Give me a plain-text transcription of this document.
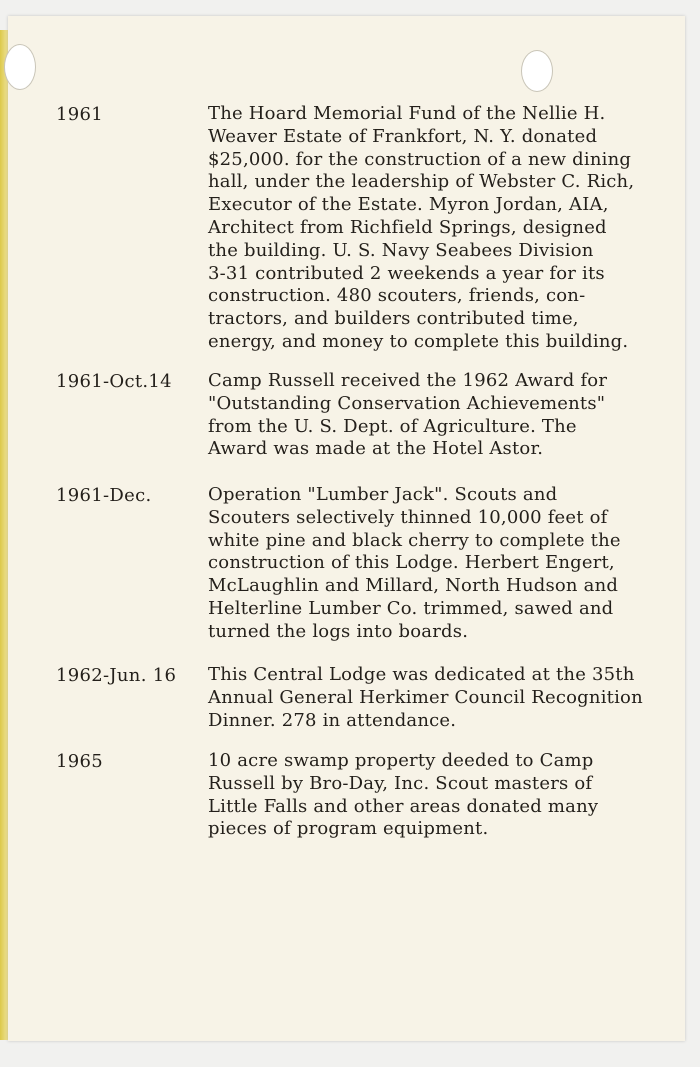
1961	The Hoard Memorial Fund of the Nellie H.
Weaver Estate of Frankfort, N. Y. donated
$25,000. for the construction of a new dining
hall, under the leadership of Webster C. Rich,
Executor of the Estate. Myron Jordan, AIA,
Architect from Richfield Springs, designed
the building. U. S. Navy Seabees Division
3-31 contributed 2 weekends a year for its
construction. 480 scouters, friends, con-
tractors, and builders contributed time,
energy, and money to complete this building.
1961-Oct.14 Camp Russell received the 1962 Award for
"Outstanding Conservation Achievements"
from the U. S. Dept. of Agriculture. The
Award was made at the Hotel Astor.
1961-Dec.	Operation "Lumber Jack". Scouts and
Scouters selectively thinned 10,000 feet of
white pine and black cherry to complete the
construction of this Lodge. Herbert Engert,
McLaughlin and Millard, North Hudson and
Helterline Lumber Co. trimmed, sawed and
turned the logs into boards.
1962-Jun. 16 This Central Lodge was dedicated at the 35th
Annual General Herkimer Council Recognition
Dinner. 278 in attendance.
1965	10 acre swamp property deeded to Camp
Russell by Bro-Day, Inc. Scout masters of
Little Falls and other areas donated many
pieces of program equipment.
